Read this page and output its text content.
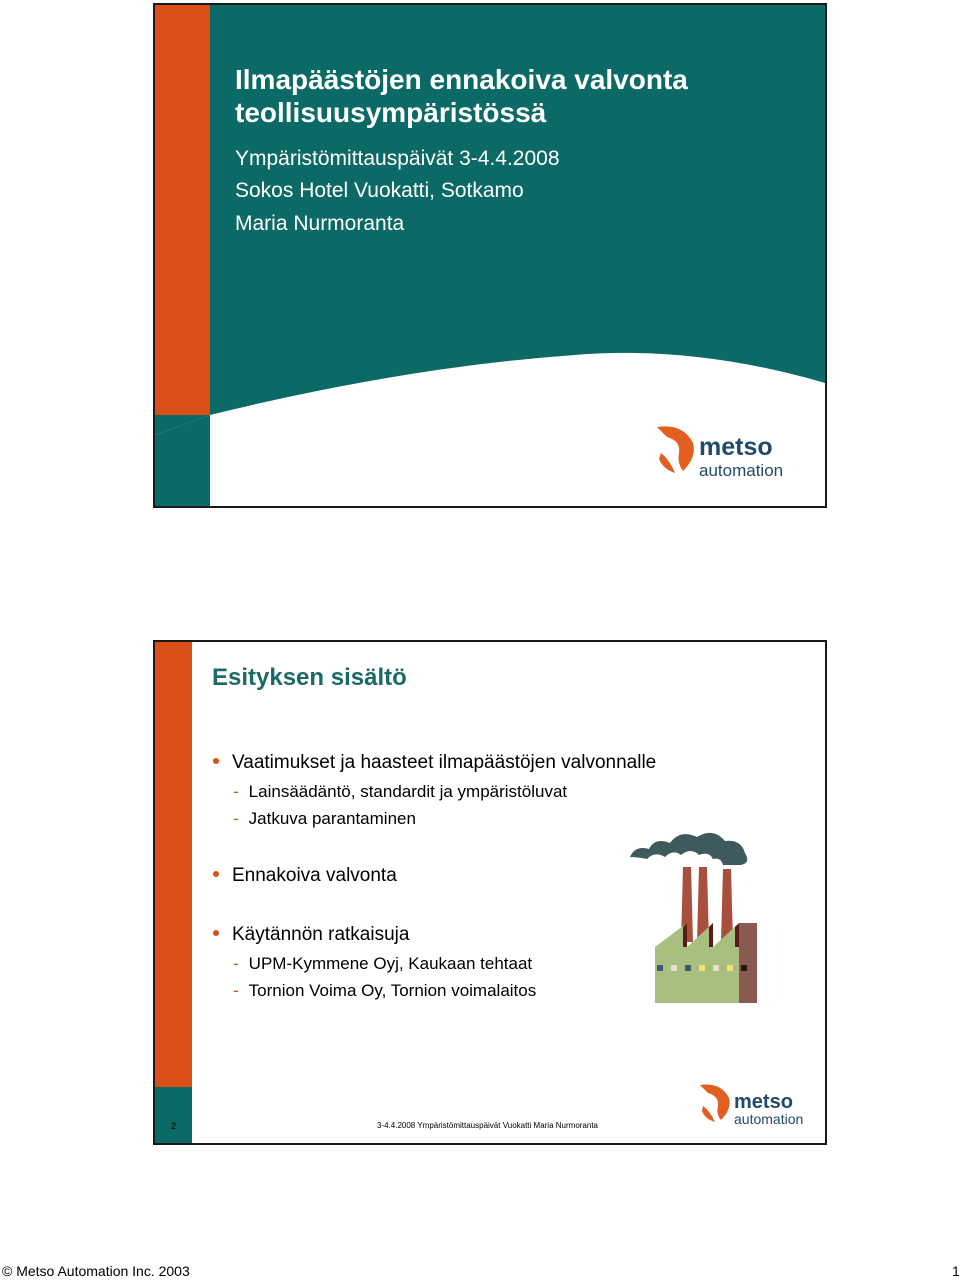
Ilmapäästöjen ennakoiva valvonta
teollisuusympäristössä

Ympäristömittauspäivät 3-4.4.2008

Sokos Hotel Vuokatti, Sotkamo

Maria Nurmoranta

metso
automation
Esityksen sisältö
Vaatimukset ja haasteet ilmapäästöjen valvonnalle
- Lainsäädäntö, standardit ja ympäristöluvat
- Jatkuva parantaminen
Ennakoiva valvonta
Käytännön ratkaisuja
- UPM-Kymmene Oyj, Kaukaan tehtaat
- Tornion Voima Oy, Tornion voimalaitos
2	3-4.4.2008 Ympäristömittauspäivät Vuokatti Maria Nurmoranta
metso
automation
© Metso Automation Inc. 2003	1
